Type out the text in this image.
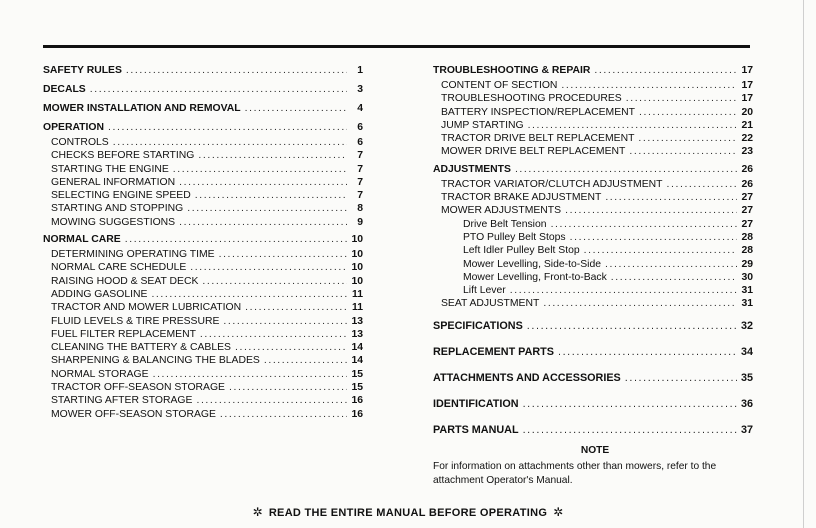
SAFETY RULES .....	1
DECALS .....	3
MOWER INSTALLATION AND REMOVAL .....	4
OPERATION .....	6
CONTROLS .....	6
CHECKS BEFORE STARTING .....	7
STARTING THE ENGINE .....	7
GENERAL INFORMATION .....	7
SELECTING ENGINE SPEED .....	7
STARTING AND STOPPING .....	8
MOWING SUGGESTIONS .....	9
NORMAL CARE .....	10
DETERMINING OPERATING TIME .....	10
NORMAL CARE SCHEDULE .....	10
RAISING HOOD & SEAT DECK .....	10
ADDING GASOLINE .....	11
TRACTOR AND MOWER LUBRICATION .....	11
FLUID LEVELS & TIRE PRESSURE .....	13
FUEL FILTER REPLACEMENT .....	13
CLEANING THE BATTERY & CABLES .....	14
SHARPENING & BALANCING THE BLADES .....	14
NORMAL STORAGE .....	15
TRACTOR OFF-SEASON STORAGE .....	15
STARTING AFTER STORAGE .....	16
MOWER OFF-SEASON STORAGE .....	16
TROUBLESHOOTING & REPAIR .....	17
CONTENT OF SECTION .....	17
TROUBLESHOOTING PROCEDURES .....	17
BATTERY INSPECTION/REPLACEMENT .....	20
JUMP STARTING .....	21
TRACTOR DRIVE BELT REPLACEMENT .....	22
MOWER DRIVE BELT REPLACEMENT .....	23
ADJUSTMENTS .....	26
TRACTOR VARIATOR/CLUTCH ADJUSTMENT .....	26
TRACTOR BRAKE ADJUSTMENT .....	27
MOWER ADJUSTMENTS .....	27
Drive Belt Tension .....	27
PTO Pulley Belt Stops .....	28
Left Idler Pulley Belt Stop .....	28
Mower Levelling, Side-to-Side .....	29
Mower Levelling, Front-to-Back .....	30
Lift Lever .....	31
SEAT ADJUSTMENT .....	31
SPECIFICATIONS .....	32
REPLACEMENT PARTS .....	34
ATTACHMENTS AND ACCESSORIES .....	35
IDENTIFICATION .....	36
PARTS MANUAL .....	37
NOTE
For information on attachments other than mowers, refer to the attachment Operator's Manual.
✲ READ THE ENTIRE MANUAL BEFORE OPERATING ✲
